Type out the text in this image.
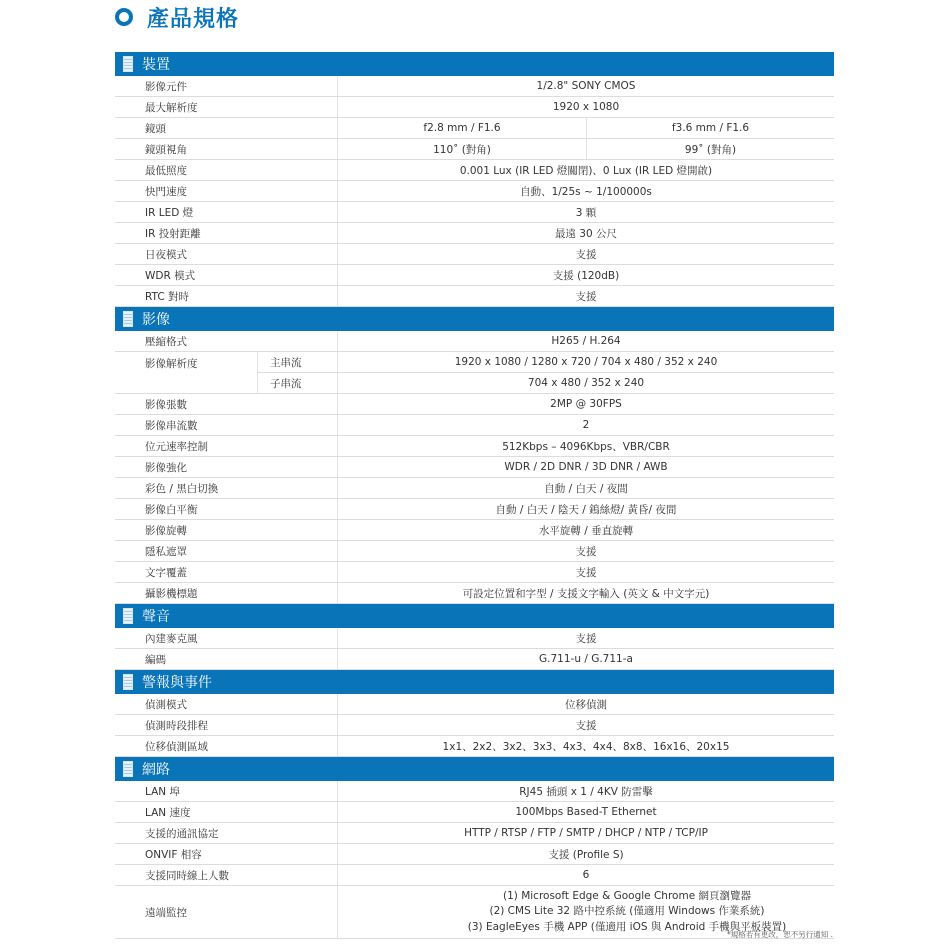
產品規格
裝置
影像元件	1/2.8" SONY CMOS
最大解析度	1920 x 1080
鏡頭	f2.8 mm / F1.6	f3.6 mm / F1.6
鏡頭視角	110˚ (對角)	99˚ (對角)
最低照度	0.001 Lux (IR LED 燈關閉)、0 Lux (IR LED 燈開啟)
快門速度	自動、1/25s ~ 1/100000s
IR LED 燈	3 顆
IR 投射距離	最遠 30 公尺
日夜模式	支援
WDR 模式	支援 (120dB)
RTC 對時	支援
影像
壓縮格式	H265 / H.264
影像解析度	主串流	1920 x 1080 / 1280 x 720 / 704 x 480 / 352 x 240
子串流	704 x 480 / 352 x 240
影像張數	2MP @ 30FPS
影像串流數	2
位元速率控制	512Kbps – 4096Kbps、VBR/CBR
影像強化	WDR / 2D DNR / 3D DNR / AWB
彩色 / 黑白切換	自動 / 白天 / 夜間
影像白平衡	自動 / 白天 / 陰天 / 鎢絲燈/ 黃昏/ 夜間
影像旋轉	水平旋轉 / 垂直旋轉
隱私遮罩	支援
文字覆蓋	支援
攝影機標題	可設定位置和字型 / 支援文字輸入 (英文 & 中文字元)
聲音
內建麥克風	支援
編碼	G.711-u / G.711-a
警報與事件
偵測模式	位移偵測
偵測時段排程	支援
位移偵測區域	1x1、2x2、3x2、3x3、4x3、4x4、8x8、16x16、20x15
網路
LAN 埠	RJ45 插頭 x 1 / 4KV 防雷擊
LAN 速度	100Mbps Based-T Ethernet
支援的通訊協定	HTTP / RTSP / FTP / SMTP / DHCP / NTP / TCP/IP
ONVIF 相容	支援 (Profile S)
支援同時線上人數	6
遠端監控
(1) Microsoft Edge & Google Chrome 網頁瀏覽器
(2) CMS Lite 32 路中控系統 (僅適用 Windows 作業系統)
(3) EagleEyes 手機 APP (僅適用 iOS 與 Android 手機與平板裝置)
*規格若有更改，恕不另行通知 .
